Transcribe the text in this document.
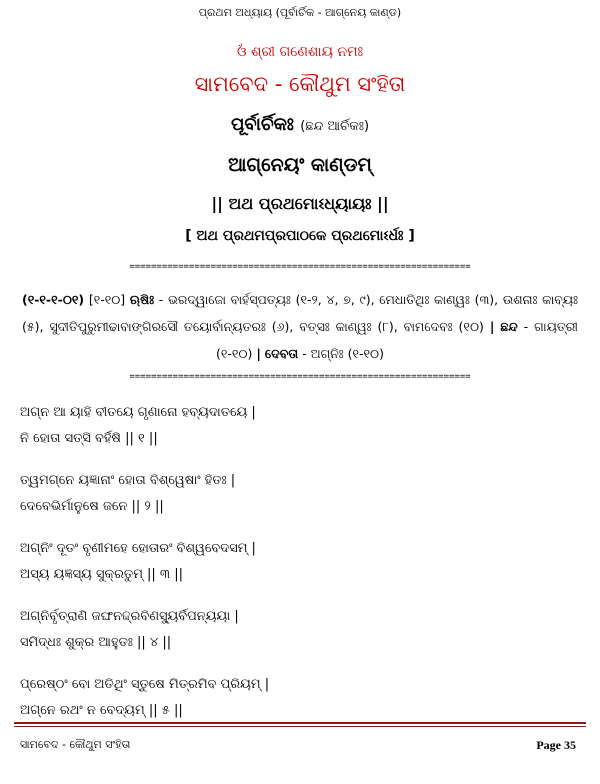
ପ୍ରଥମ ଅଧ୍ୟାୟ (ପୂର୍ବାର୍ଚିକ - ଆଗ୍ନେୟ କାଣ୍ଡ)
ଓଁ ଶ୍ରୀ ଗଣେଶାୟ ନମଃ
ସାମବେଦ - କୌଥୁମ ସଂହିତା
ପୂର୍ବାର୍ଚିକଃ (ଛନ୍ଦ ଆର୍ଚିକଃ)
ଆଗ୍ନେୟଂ କାଣ୍ଡମ୍
|| ଅଥ ପ୍ରଥମୋଽଧ୍ୟାୟଃ ||
[ ଅଥ ପ୍ରଥମପ୍ରପାଠକେ ପ୍ରଥମୋଽର୍ଧଃ ]
===============================================================
(୧-୧-୧-୦୧) [୧-୧୦] ଋଷିଃ - ଭରଦ୍ୱାଜୋ ବାର୍ହସ୍ପତ୍ୟଃ (୧-୨, ୪, ୭, ୯), ମେଧାତିଥିଃ କାଣ୍ୱଃ (୩), ଉଶନାଃ କାବ୍ୟଃ (୫), ସୁଦୀତିପୁରୁମୀଢାବାଙ୍ଗିରସୌ ତୟୋର୍ବାନ୍ୟତରଃ (୬), ବତ୍ସଃ କାଣ୍ୱଃ (୮), ବାମଦେବଃ (୧୦) | ଛନ୍ଦ - ଗାୟତ୍ରୀ (୧-୧୦) | ଦେବତା - ଅଗ୍ନିଃ (୧-୧୦)
===============================================================
ଅଗ୍ନ ଆ ୟାହି ବୀତୟେ ଗୃଣାନୋ ହବ୍ୟଦାତୟେ |
ନି ହୋତା ସତ୍ସି ବର୍ହିଷି || ୧ ||
ତ୍ୱମଗ୍ନେ ୟଜ୍ଞାନାଂ ହୋତା ବିଶ୍ୱେଷାଂ ହିତଃ |
ଦେବେଭିର୍ମାନୁଷେ ଜନେ || ୨ ||
ଅଗ୍ନିଂ ଦୂତଂ ବୃଣୀମହେ ହୋତାରଂ ବିଶ୍ୱବେଦସମ୍ |
ଅସ୍ୟ ୟଜ୍ଞସ୍ୟ ସୁକ୍ରତୁମ୍ || ୩ ||
ଅଗ୍ନିର୍ବୃତ୍ରାଣି ଜଙ୍ଘନଦ୍ଦ୍ରବିଣସ୍ୟୁର୍ବିପନ୍ୟୟା |
ସମିଦ୍ଧଃ ଶୁକ୍ର ଆହୁତଃ || ୪ ||
ପ୍ରେଷ୍ଠଂ ବୋ ଅତିଥିଂ ସ୍ତୁଷେ ମିତ୍ରମିବ ପ୍ରିୟମ୍ |
ଅଗ୍ନେ ରଥଂ ନ ବେଦ୍ୟମ୍ || ୫ ||
ସାମବେଦ - କୌଥୁମ ସଂହିତା	Page 35
